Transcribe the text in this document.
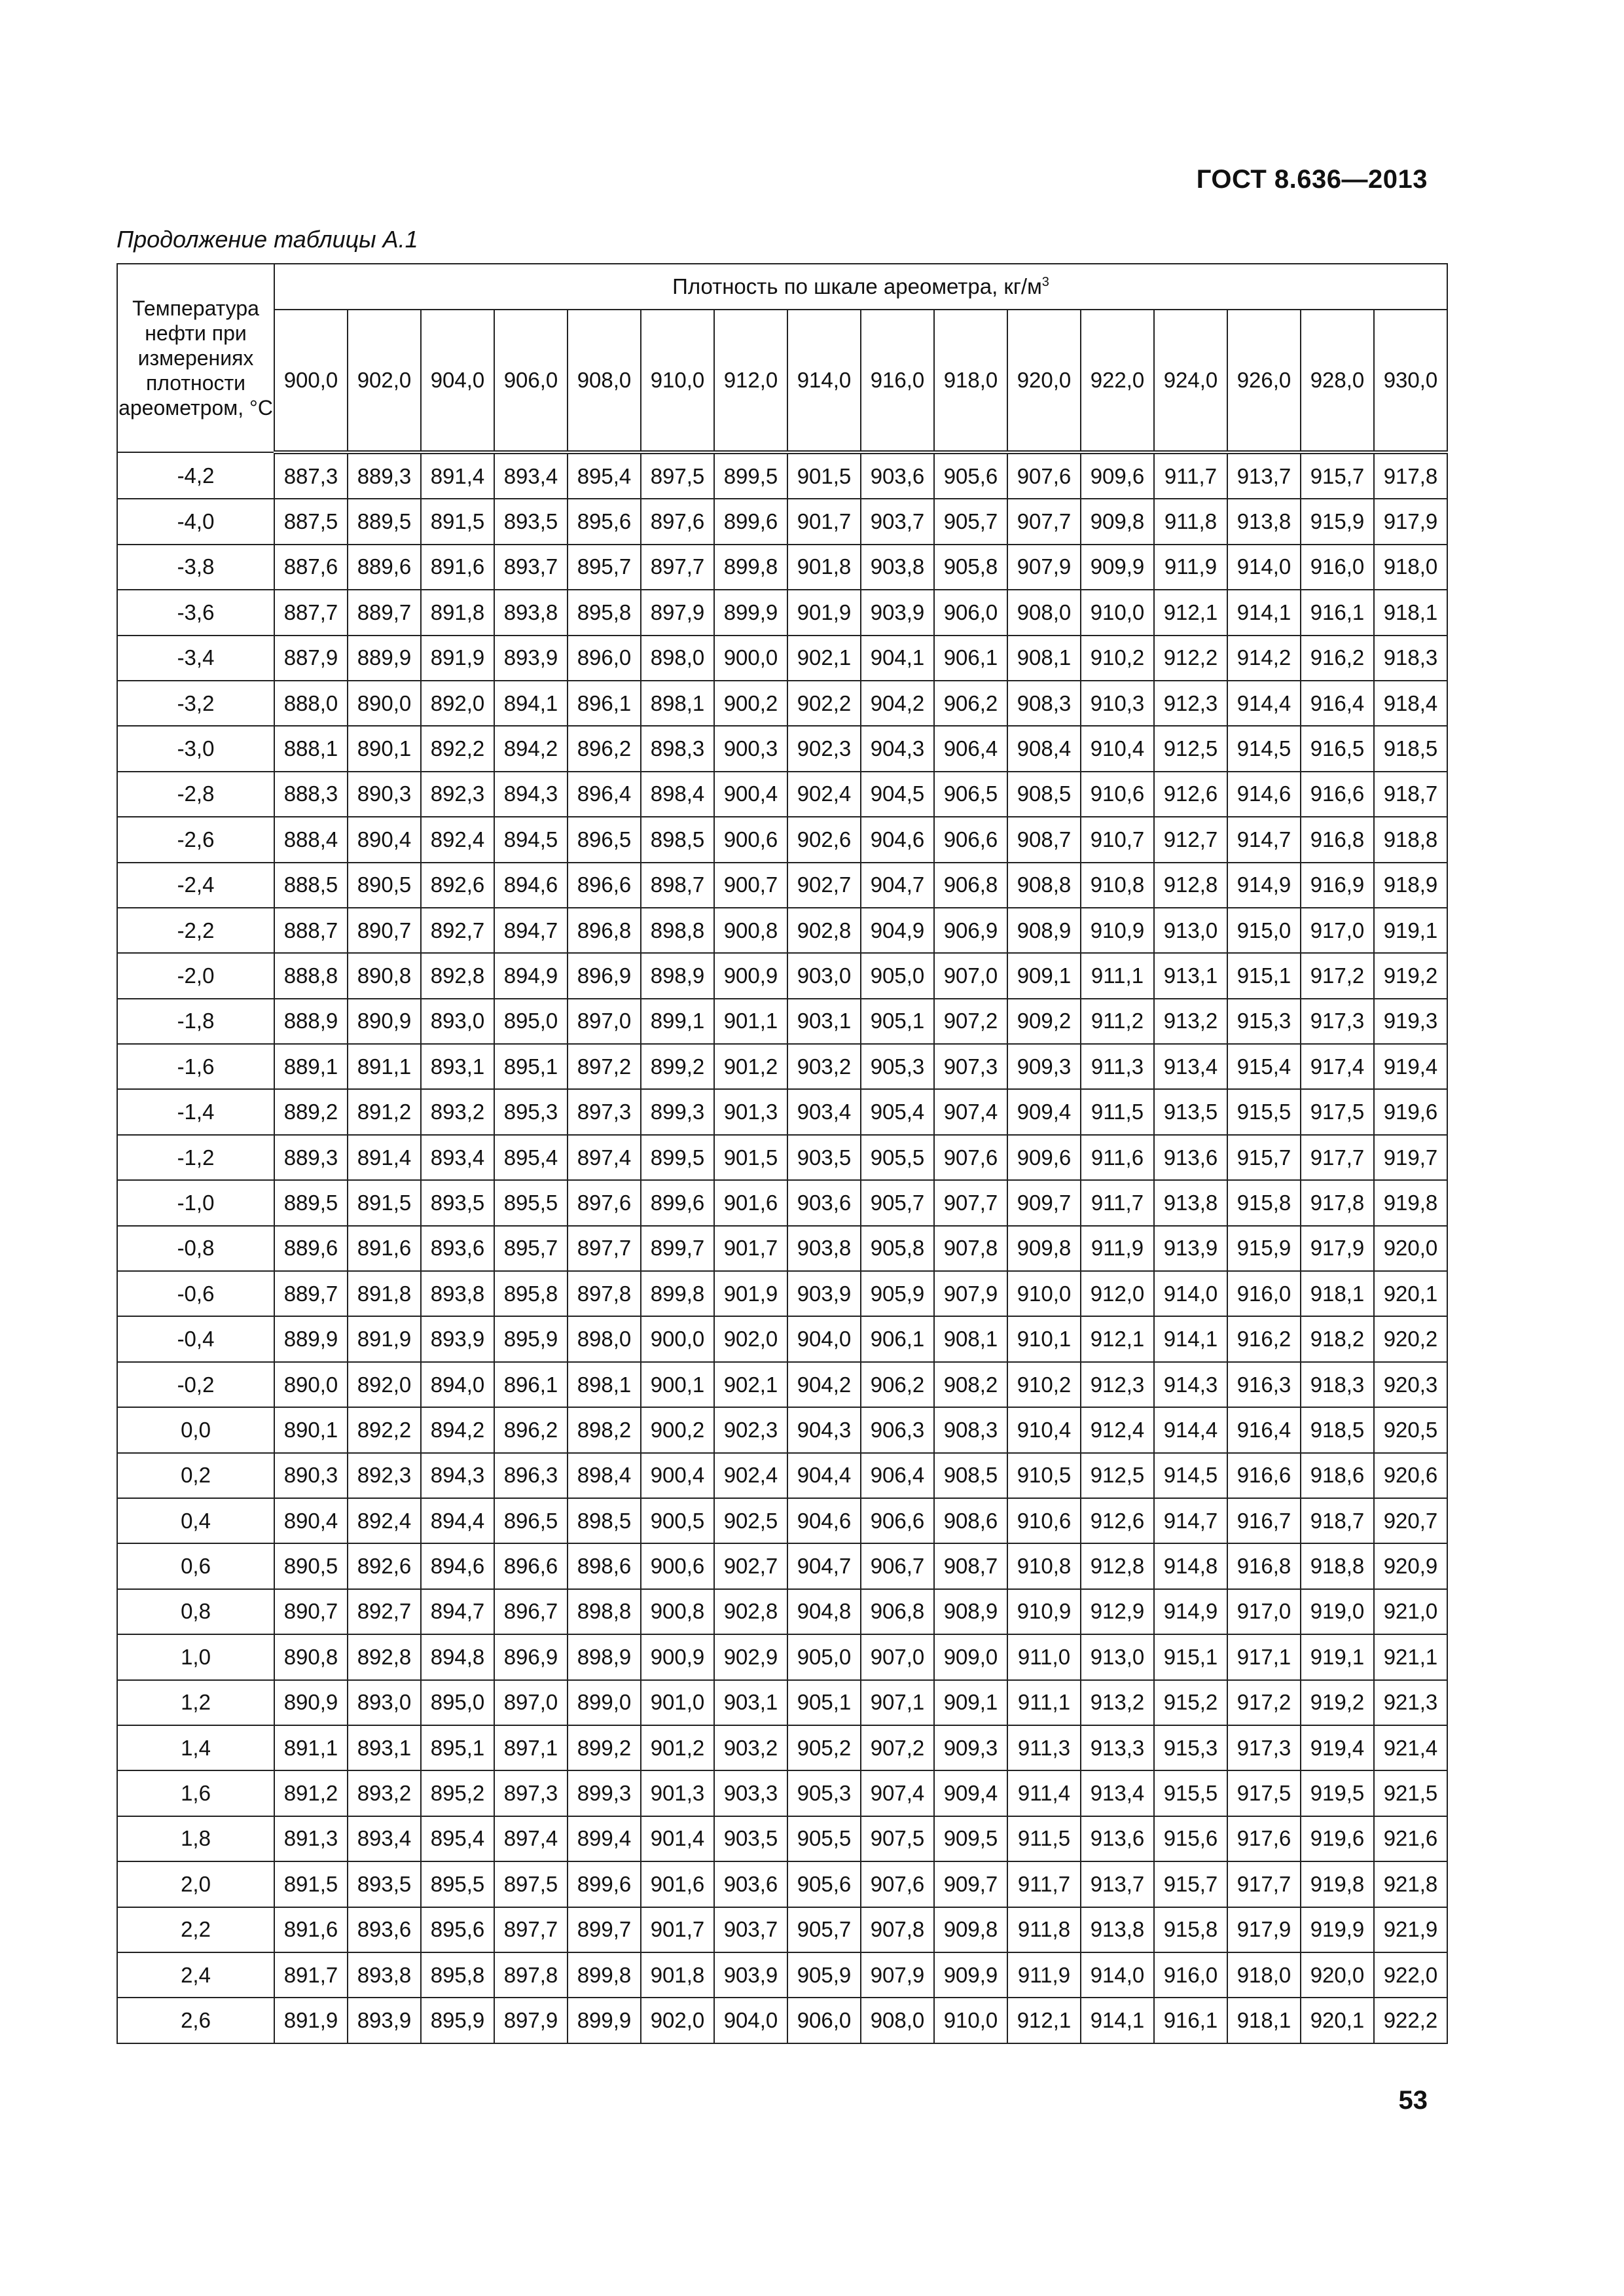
ГОСТ 8.636—2013
Продолжение таблицы А.1
Температура нефти при измерениях плотности ареометром, °С	Плотность по шкале ареометра, $кг/м^3$
	900,0	902,0	904,0	906,0	908,0	910,0	912,0	914,0	916,0	918,0	920,0	922,0	924,0	926,0	928,0	930,0
-4,2	887,3	889,3	891,4	893,4	895,4	897,5	899,5	901,5	903,6	905,6	907,6	909,6	911,7	913,7	915,7	917,8
-4,0	887,5	889,5	891,5	893,5	895,6	897,6	899,6	901,7	903,7	905,7	907,7	909,8	911,8	913,8	915,9	917,9
-3,8	887,6	889,6	891,6	893,7	895,7	897,7	899,8	901,8	903,8	905,8	907,9	909,9	911,9	914,0	916,0	918,0
-3,6	887,7	889,7	891,8	893,8	895,8	897,9	899,9	901,9	903,9	906,0	908,0	910,0	912,1	914,1	916,1	918,1
-3,4	887,9	889,9	891,9	893,9	896,0	898,0	900,0	902,1	904,1	906,1	908,1	910,2	912,2	914,2	916,2	918,3
-3,2	888,0	890,0	892,0	894,1	896,1	898,1	900,2	902,2	904,2	906,2	908,3	910,3	912,3	914,4	916,4	918,4
-3,0	888,1	890,1	892,2	894,2	896,2	898,3	900,3	902,3	904,3	906,4	908,4	910,4	912,5	914,5	916,5	918,5
-2,8	888,3	890,3	892,3	894,3	896,4	898,4	900,4	902,4	904,5	906,5	908,5	910,6	912,6	914,6	916,6	918,7
-2,6	888,4	890,4	892,4	894,5	896,5	898,5	900,6	902,6	904,6	906,6	908,7	910,7	912,7	914,7	916,8	918,8
-2,4	888,5	890,5	892,6	894,6	896,6	898,7	900,7	902,7	904,7	906,8	908,8	910,8	912,8	914,9	916,9	918,9
-2,2	888,7	890,7	892,7	894,7	896,8	898,8	900,8	902,8	904,9	906,9	908,9	910,9	913,0	915,0	917,0	919,1
-2,0	888,8	890,8	892,8	894,9	896,9	898,9	900,9	903,0	905,0	907,0	909,1	911,1	913,1	915,1	917,2	919,2
-1,8	888,9	890,9	893,0	895,0	897,0	899,1	901,1	903,1	905,1	907,2	909,2	911,2	913,2	915,3	917,3	919,3
-1,6	889,1	891,1	893,1	895,1	897,2	899,2	901,2	903,2	905,3	907,3	909,3	911,3	913,4	915,4	917,4	919,4
-1,4	889,2	891,2	893,2	895,3	897,3	899,3	901,3	903,4	905,4	907,4	909,4	911,5	913,5	915,5	917,5	919,6
-1,2	889,3	891,4	893,4	895,4	897,4	899,5	901,5	903,5	905,5	907,6	909,6	911,6	913,6	915,7	917,7	919,7
-1,0	889,5	891,5	893,5	895,5	897,6	899,6	901,6	903,6	905,7	907,7	909,7	911,7	913,8	915,8	917,8	919,8
-0,8	889,6	891,6	893,6	895,7	897,7	899,7	901,7	903,8	905,8	907,8	909,8	911,9	913,9	915,9	917,9	920,0
-0,6	889,7	891,8	893,8	895,8	897,8	899,8	901,9	903,9	905,9	907,9	910,0	912,0	914,0	916,0	918,1	920,1
-0,4	889,9	891,9	893,9	895,9	898,0	900,0	902,0	904,0	906,1	908,1	910,1	912,1	914,1	916,2	918,2	920,2
-0,2	890,0	892,0	894,0	896,1	898,1	900,1	902,1	904,2	906,2	908,2	910,2	912,3	914,3	916,3	918,3	920,3
0,0	890,1	892,2	894,2	896,2	898,2	900,2	902,3	904,3	906,3	908,3	910,4	912,4	914,4	916,4	918,5	920,5
0,2	890,3	892,3	894,3	896,3	898,4	900,4	902,4	904,4	906,4	908,5	910,5	912,5	914,5	916,6	918,6	920,6
0,4	890,4	892,4	894,4	896,5	898,5	900,5	902,5	904,6	906,6	908,6	910,6	912,6	914,7	916,7	918,7	920,7
0,6	890,5	892,6	894,6	896,6	898,6	900,6	902,7	904,7	906,7	908,7	910,8	912,8	914,8	916,8	918,8	920,9
0,8	890,7	892,7	894,7	896,7	898,8	900,8	902,8	904,8	906,8	908,9	910,9	912,9	914,9	917,0	919,0	921,0
1,0	890,8	892,8	894,8	896,9	898,9	900,9	902,9	905,0	907,0	909,0	911,0	913,0	915,1	917,1	919,1	921,1
1,2	890,9	893,0	895,0	897,0	899,0	901,0	903,1	905,1	907,1	909,1	911,1	913,2	915,2	917,2	919,2	921,3
1,4	891,1	893,1	895,1	897,1	899,2	901,2	903,2	905,2	907,2	909,3	911,3	913,3	915,3	917,3	919,4	921,4
1,6	891,2	893,2	895,2	897,3	899,3	901,3	903,3	905,3	907,4	909,4	911,4	913,4	915,5	917,5	919,5	921,5
1,8	891,3	893,4	895,4	897,4	899,4	901,4	903,5	905,5	907,5	909,5	911,5	913,6	915,6	917,6	919,6	921,6
2,0	891,5	893,5	895,5	897,5	899,6	901,6	903,6	905,6	907,6	909,7	911,7	913,7	915,7	917,7	919,8	921,8
2,2	891,6	893,6	895,6	897,7	899,7	901,7	903,7	905,7	907,8	909,8	911,8	913,8	915,8	917,9	919,9	921,9
2,4	891,7	893,8	895,8	897,8	899,8	901,8	903,9	905,9	907,9	909,9	911,9	914,0	916,0	918,0	920,0	922,0
2,6	891,9	893,9	895,9	897,9	899,9	902,0	904,0	906,0	908,0	910,0	912,1	914,1	916,1	918,1	920,1	922,2
53
